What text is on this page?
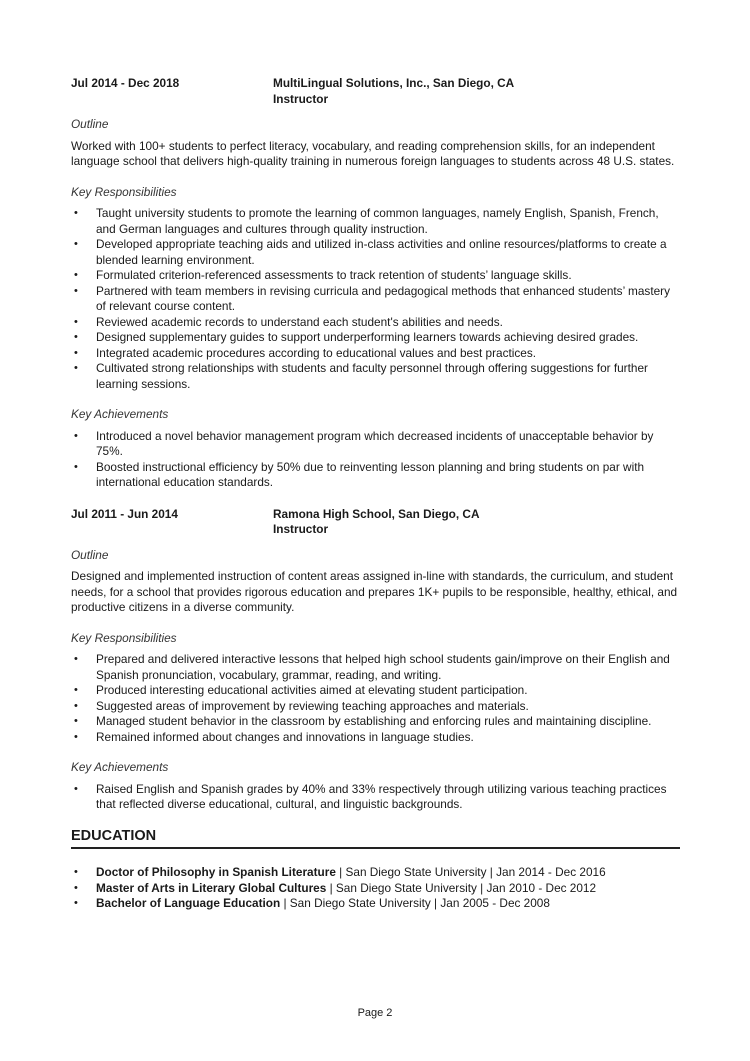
Jul 2014 - Dec 2018	MultiLingual Solutions, Inc., San Diego, CA
Instructor
Outline

Worked with 100+ students to perfect literacy, vocabulary, and reading comprehension skills, for an independent language school that delivers high-quality training in numerous foreign languages to students across 48 U.S. states.

Key Responsibilities
• Taught university students to promote the learning of common languages, namely English, Spanish, French, and German languages and cultures through quality instruction.
• Developed appropriate teaching aids and utilized in-class activities and online resources/platforms to create a blended learning environment.
• Formulated criterion-referenced assessments to track retention of students’ language skills.
• Partnered with team members in revising curricula and pedagogical methods that enhanced students’ mastery of relevant course content.
• Reviewed academic records to understand each student's abilities and needs.
• Designed supplementary guides to support underperforming learners towards achieving desired grades.
• Integrated academic procedures according to educational values and best practices.
• Cultivated strong relationships with students and faculty personnel through offering suggestions for further learning sessions.
Key Achievements
• Introduced a novel behavior management program which decreased incidents of unacceptable behavior by 75%.
• Boosted instructional efficiency by 50% due to reinventing lesson planning and bring students on par with international education standards.
Jul 2011 - Jun 2014	Ramona High School, San Diego, CA
Instructor
Outline

Designed and implemented instruction of content areas assigned in-line with standards, the curriculum, and student needs, for a school that provides rigorous education and prepares 1K+ pupils to be responsible, healthy, ethical, and productive citizens in a diverse community.

Key Responsibilities
• Prepared and delivered interactive lessons that helped high school students gain/improve on their English and Spanish pronunciation, vocabulary, grammar, reading, and writing.
• Produced interesting educational activities aimed at elevating student participation.
• Suggested areas of improvement by reviewing teaching approaches and materials.
• Managed student behavior in the classroom by establishing and enforcing rules and maintaining discipline.
• Remained informed about changes and innovations in language studies.
Key Achievements
• Raised English and Spanish grades by 40% and 33% respectively through utilizing various teaching practices that reflected diverse educational, cultural, and linguistic backgrounds.
EDUCATION
• Doctor of Philosophy in Spanish Literature | San Diego State University | Jan 2014 - Dec 2016
• Master of Arts in Literary Global Cultures | San Diego State University | Jan 2010 - Dec 2012
• Bachelor of Language Education | San Diego State University | Jan 2005 - Dec 2008
Page 2
